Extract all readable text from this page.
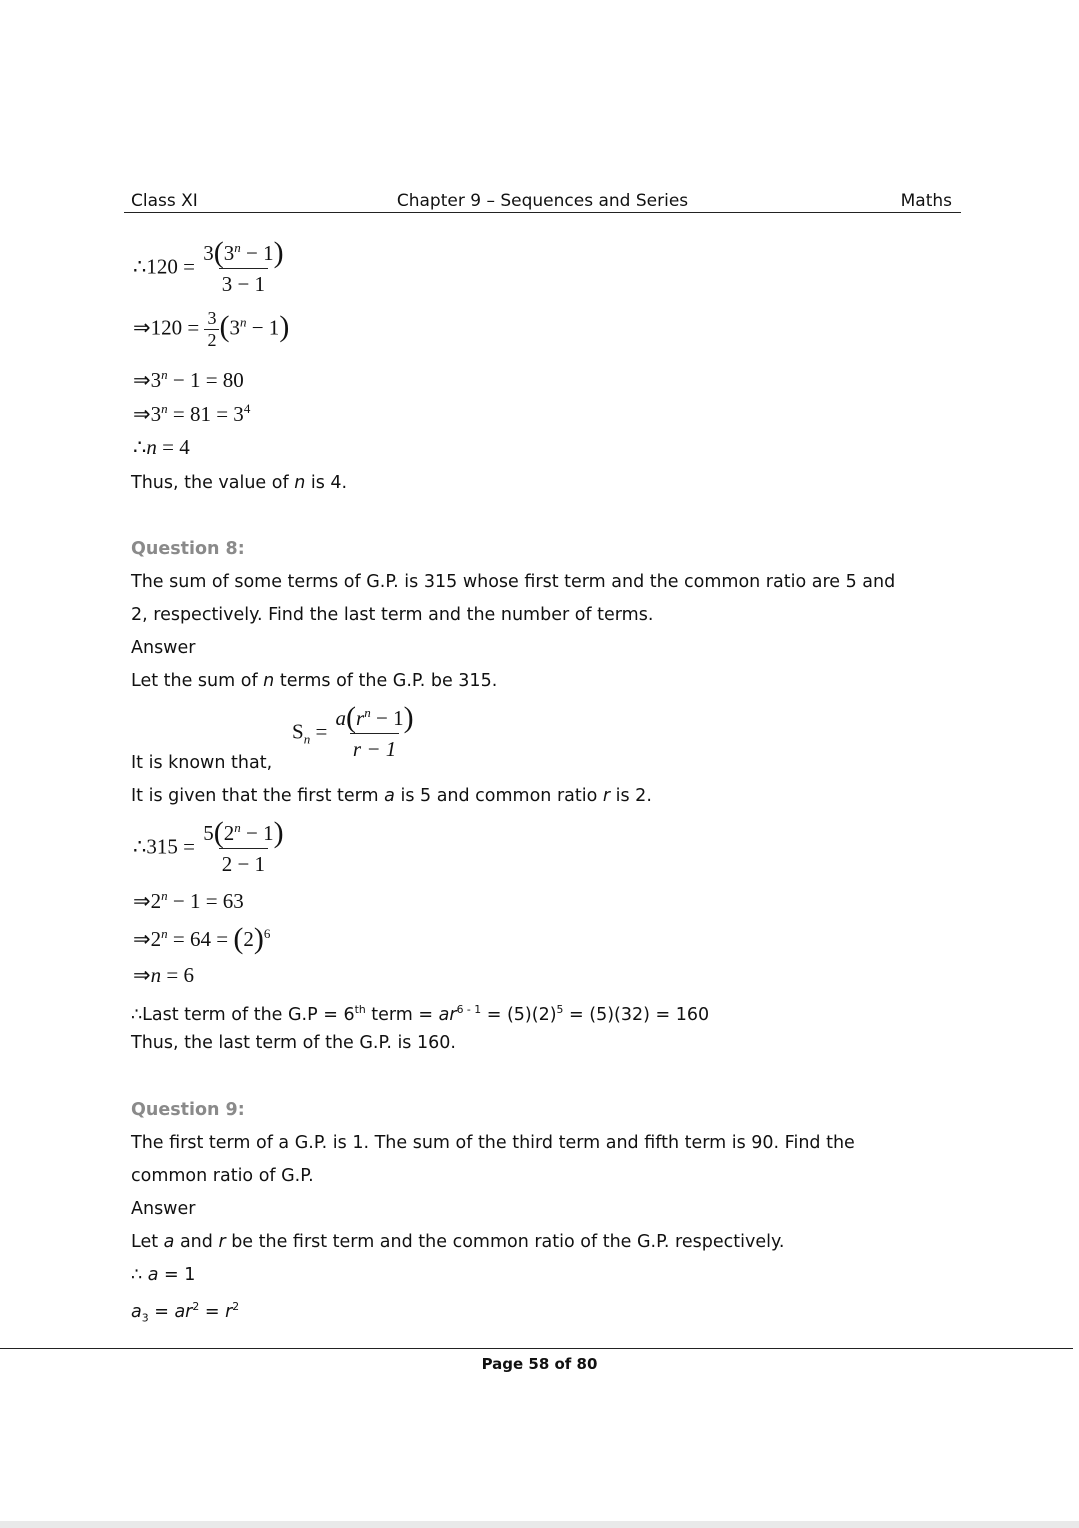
Class XI	Chapter 9 – Sequences and Series	Maths
∴120 = $\frac{3(3^n - 1)}{3 - 1}$
⇒120 = $\frac{3}{2} (3^n - 1)$
$\Rightarrow 3^n - 1 = 80$
$\Rightarrow 3^n = 81 = 3^4$
∴n = 4
Thus, the value of n is 4.
Question 8:
The sum of some terms of G.P. is 315 whose first term and the common ratio are 5 and
2, respectively. Find the last term and the number of terms.
Answer
Let the sum of n terms of the G.P. be 315.
It is known that,
$S_n = \frac{a(r^n - 1)}{r - 1}$
It is given that the first term a is 5 and common ratio r is 2.
∴315 = $\frac{5(2^n - 1)}{2 - 1}$
$\Rightarrow 2^n - 1 = 63$
$\Rightarrow 2^n = 64 = (2)^6$
⇒n = 6
∴Last term of the G.P = 6th term = $ar^{6 - 1} = (5)(2)^5 = (5)(32) = 160$
Thus, the last term of the G.P. is 160.
Question 9:
The first term of a G.P. is 1. The sum of the third term and fifth term is 90. Find the
common ratio of G.P.
Answer
Let a and r be the first term and the common ratio of the G.P. respectively.
∴ a = 1
$a_3 = ar^2 = r^2$
Page 58 of 80
